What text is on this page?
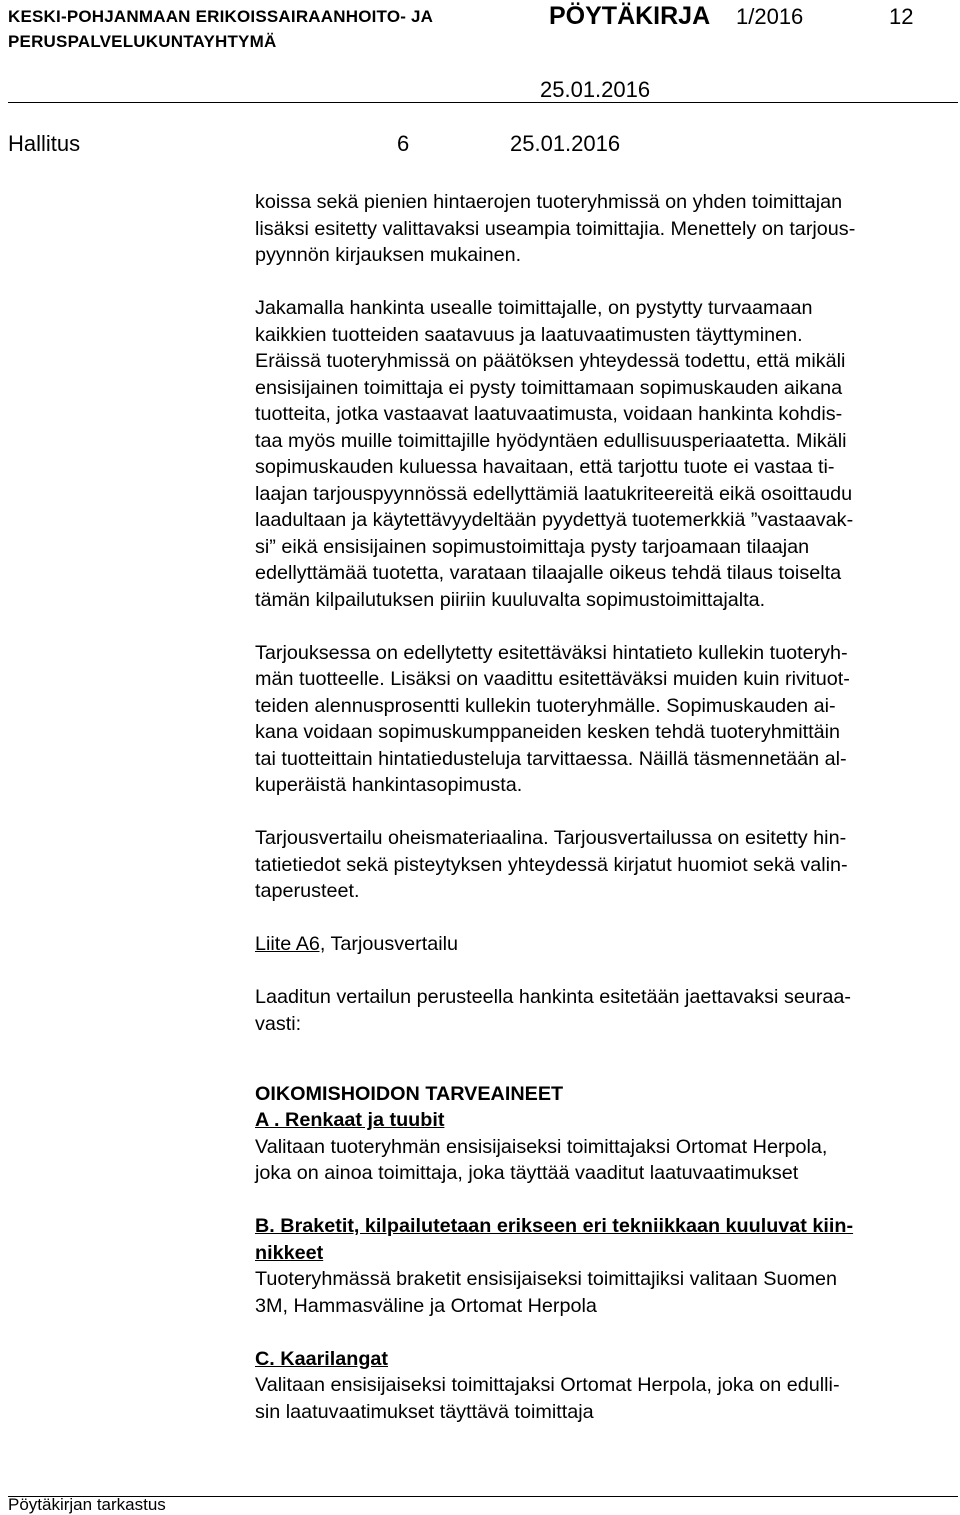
KESKI-POHJANMAAN ERIKOISSAIRAANHOITO- JA
PERUSPALVELUKUNTAYHTYMÄ
PÖYTÄKIRJA 1/2016	12
25.01.2016
Hallitus	6	25.01.2016

koissa sekä pienien hintaerojen tuoteryhmissä on yhden toimittajan

lisäksi esitetty valittavaksi useampia toimittajia. Menettely on tarjous-

pyynnön kirjauksen mukainen.

Jakamalla hankinta usealle toimittajalle, on pystytty turvaamaan

kaikkien tuotteiden saatavuus ja laatuvaatimusten täyttyminen.

Eräissä tuoteryhmissä on päätöksen yhteydessä todettu, että mikäli

ensisijainen toimittaja ei pysty toimittamaan sopimuskauden aikana

tuotteita, jotka vastaavat laatuvaatimusta, voidaan hankinta kohdis-

taa myös muille toimittajille hyödyntäen edullisuusperiaatetta. Mikäli

sopimuskauden kuluessa havaitaan, että tarjottu tuote ei vastaa ti-

laajan tarjouspyynnössä edellyttämiä laatukriteereitä eikä osoittaudu

laadultaan ja käytettävyydeltään pyydettyä tuotemerkkiä ”vastaavak-

si” eikä ensisijainen sopimustoimittaja pysty tarjoamaan tilaajan

edellyttämää tuotetta, varataan tilaajalle oikeus tehdä tilaus toiselta

tämän kilpailutuksen piiriin kuuluvalta sopimustoimittajalta.

Tarjouksessa on edellytetty esitettäväksi hintatieto kullekin tuoteryh-

män tuotteelle. Lisäksi on vaadittu esitettäväksi muiden kuin rivituot-

teiden alennusprosentti kullekin tuoteryhmälle. Sopimuskauden ai-

kana voidaan sopimuskumppaneiden kesken tehdä tuoteryhmittäin

tai tuotteittain hintatiedusteluja tarvittaessa. Näillä täsmennetään al-

kuperäistä hankintasopimusta.

Tarjousvertailu oheismateriaalina. Tarjousvertailussa on esitetty hin-

tatietiedot sekä pisteytyksen yhteydessä kirjatut huomiot sekä valin-

taperusteet.

Liite A6, Tarjousvertailu

Laaditun vertailun perusteella hankinta esitetään jaettavaksi seuraa-

vasti:

OIKOMISHOIDON TARVEAINEET

A . Renkaat ja tuubit

Valitaan tuoteryhmän ensisijaiseksi toimittajaksi Ortomat Herpola,

joka on ainoa toimittaja, joka täyttää vaaditut laatuvaatimukset

B. Braketit, kilpailutetaan erikseen eri tekniikkaan kuuluvat kiin-

nikkeet

Tuoteryhmässä braketit ensisijaiseksi toimittajiksi valitaan Suomen

3M, Hammasväline ja Ortomat Herpola

C. Kaarilangat

Valitaan ensisijaiseksi toimittajaksi Ortomat Herpola, joka on edulli-

sin laatuvaatimukset täyttävä toimittaja

Pöytäkirjan tarkastus
